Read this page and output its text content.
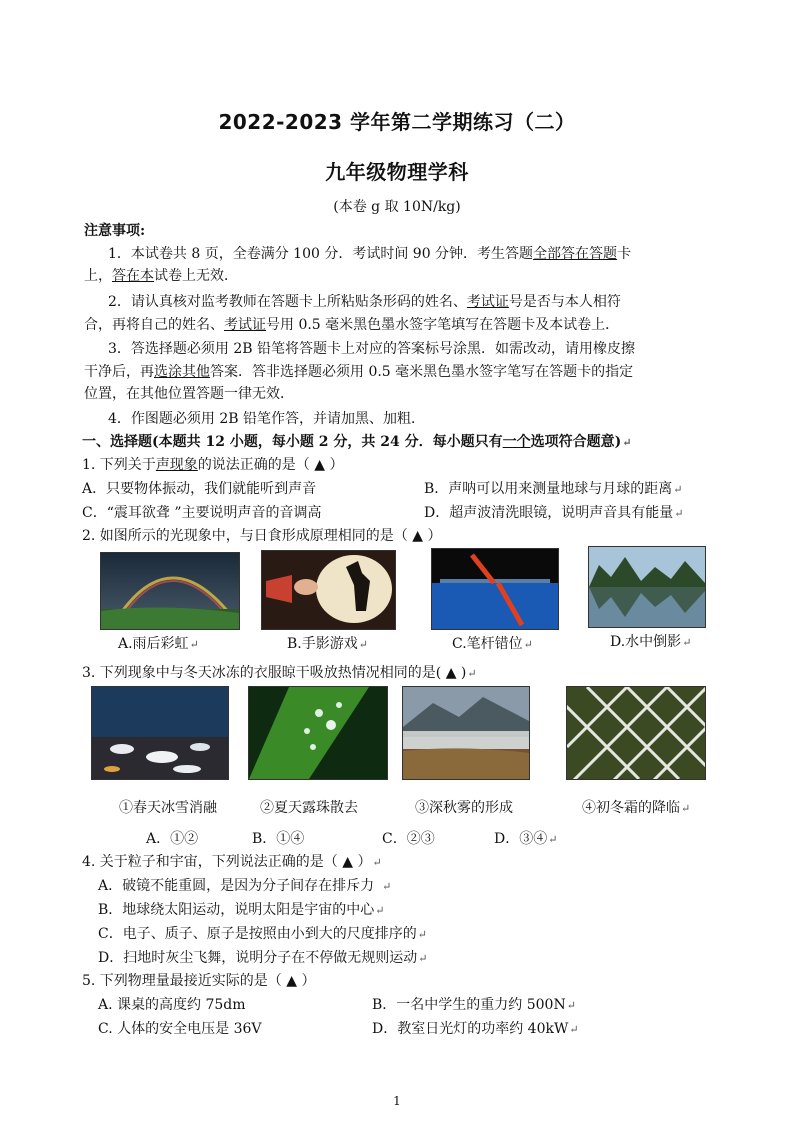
2022-2023 学年第二学期练习（二）
九年级物理学科
(本卷 g 取 10N/kg)
注意事项:
1．本试卷共 8 页，全卷满分 100 分．考试时间 90 分钟．考生答题全部答在答题卡
上，答在本试卷上无效．
2．请认真核对监考教师在答题卡上所粘贴条形码的姓名、考试证号是否与本人相符
合，再将自己的姓名、考试证号用 0.5 毫米黑色墨水签字笔填写在答题卡及本试卷上．
3．答选择题必须用 2B 铅笔将答题卡上对应的答案标号涂黑．如需改动，请用橡皮擦
干净后，再选涂其他答案．答非选择题必须用 0.5 毫米黑色墨水签字笔写在答题卡的指定
位置，在其他位置答题一律无效．
4．作图题必须用 2B 铅笔作答，并请加黑、加粗．
一、选择题(本题共 12 小题，每小题 2 分，共 24 分．每小题只有一个选项符合题意)↵
1. 下列关于声现象的说法正确的是（ ▲ ）
A．只要物体振动，我们就能听到声音	B．声呐可以用来测量地球与月球的距离↵
C．“震耳欲聋 ”主要说明声音的音调高	D．超声波清洗眼镜，说明声音具有能量↵
2. 如图所示的光现象中，与日食形成原理相同的是（ ▲ ）
A.雨后彩虹↵	B.手影游戏↵	C.笔杆错位↵	D.水中倒影↵
3. 下列现象中与冬天冰冻的衣服晾干吸放热情况相同的是( ▲ )↵
①春天冰雪消融	②夏天露珠散去	③深秋雾的形成	④初冬霜的降临↵
A．①②	B．①④	C．②③	D．③④↵
4. 关于粒子和宇宙，下列说法正确的是（ ▲ ）↵
A．破镜不能重圆，是因为分子间存在排斥力  ↵
B．地球绕太阳运动，说明太阳是宇宙的中心↵
C．电子、质子、原子是按照由小到大的尺度排序的↵
D．扫地时灰尘飞舞，说明分子在不停做无规则运动↵
5. 下列物理量最接近实际的是（ ▲ ）
A. 课桌的高度约 75dm	B．一名中学生的重力约 500N↵
C. 人体的安全电压是 36V	D．教室日光灯的功率约 40kW↵
1
